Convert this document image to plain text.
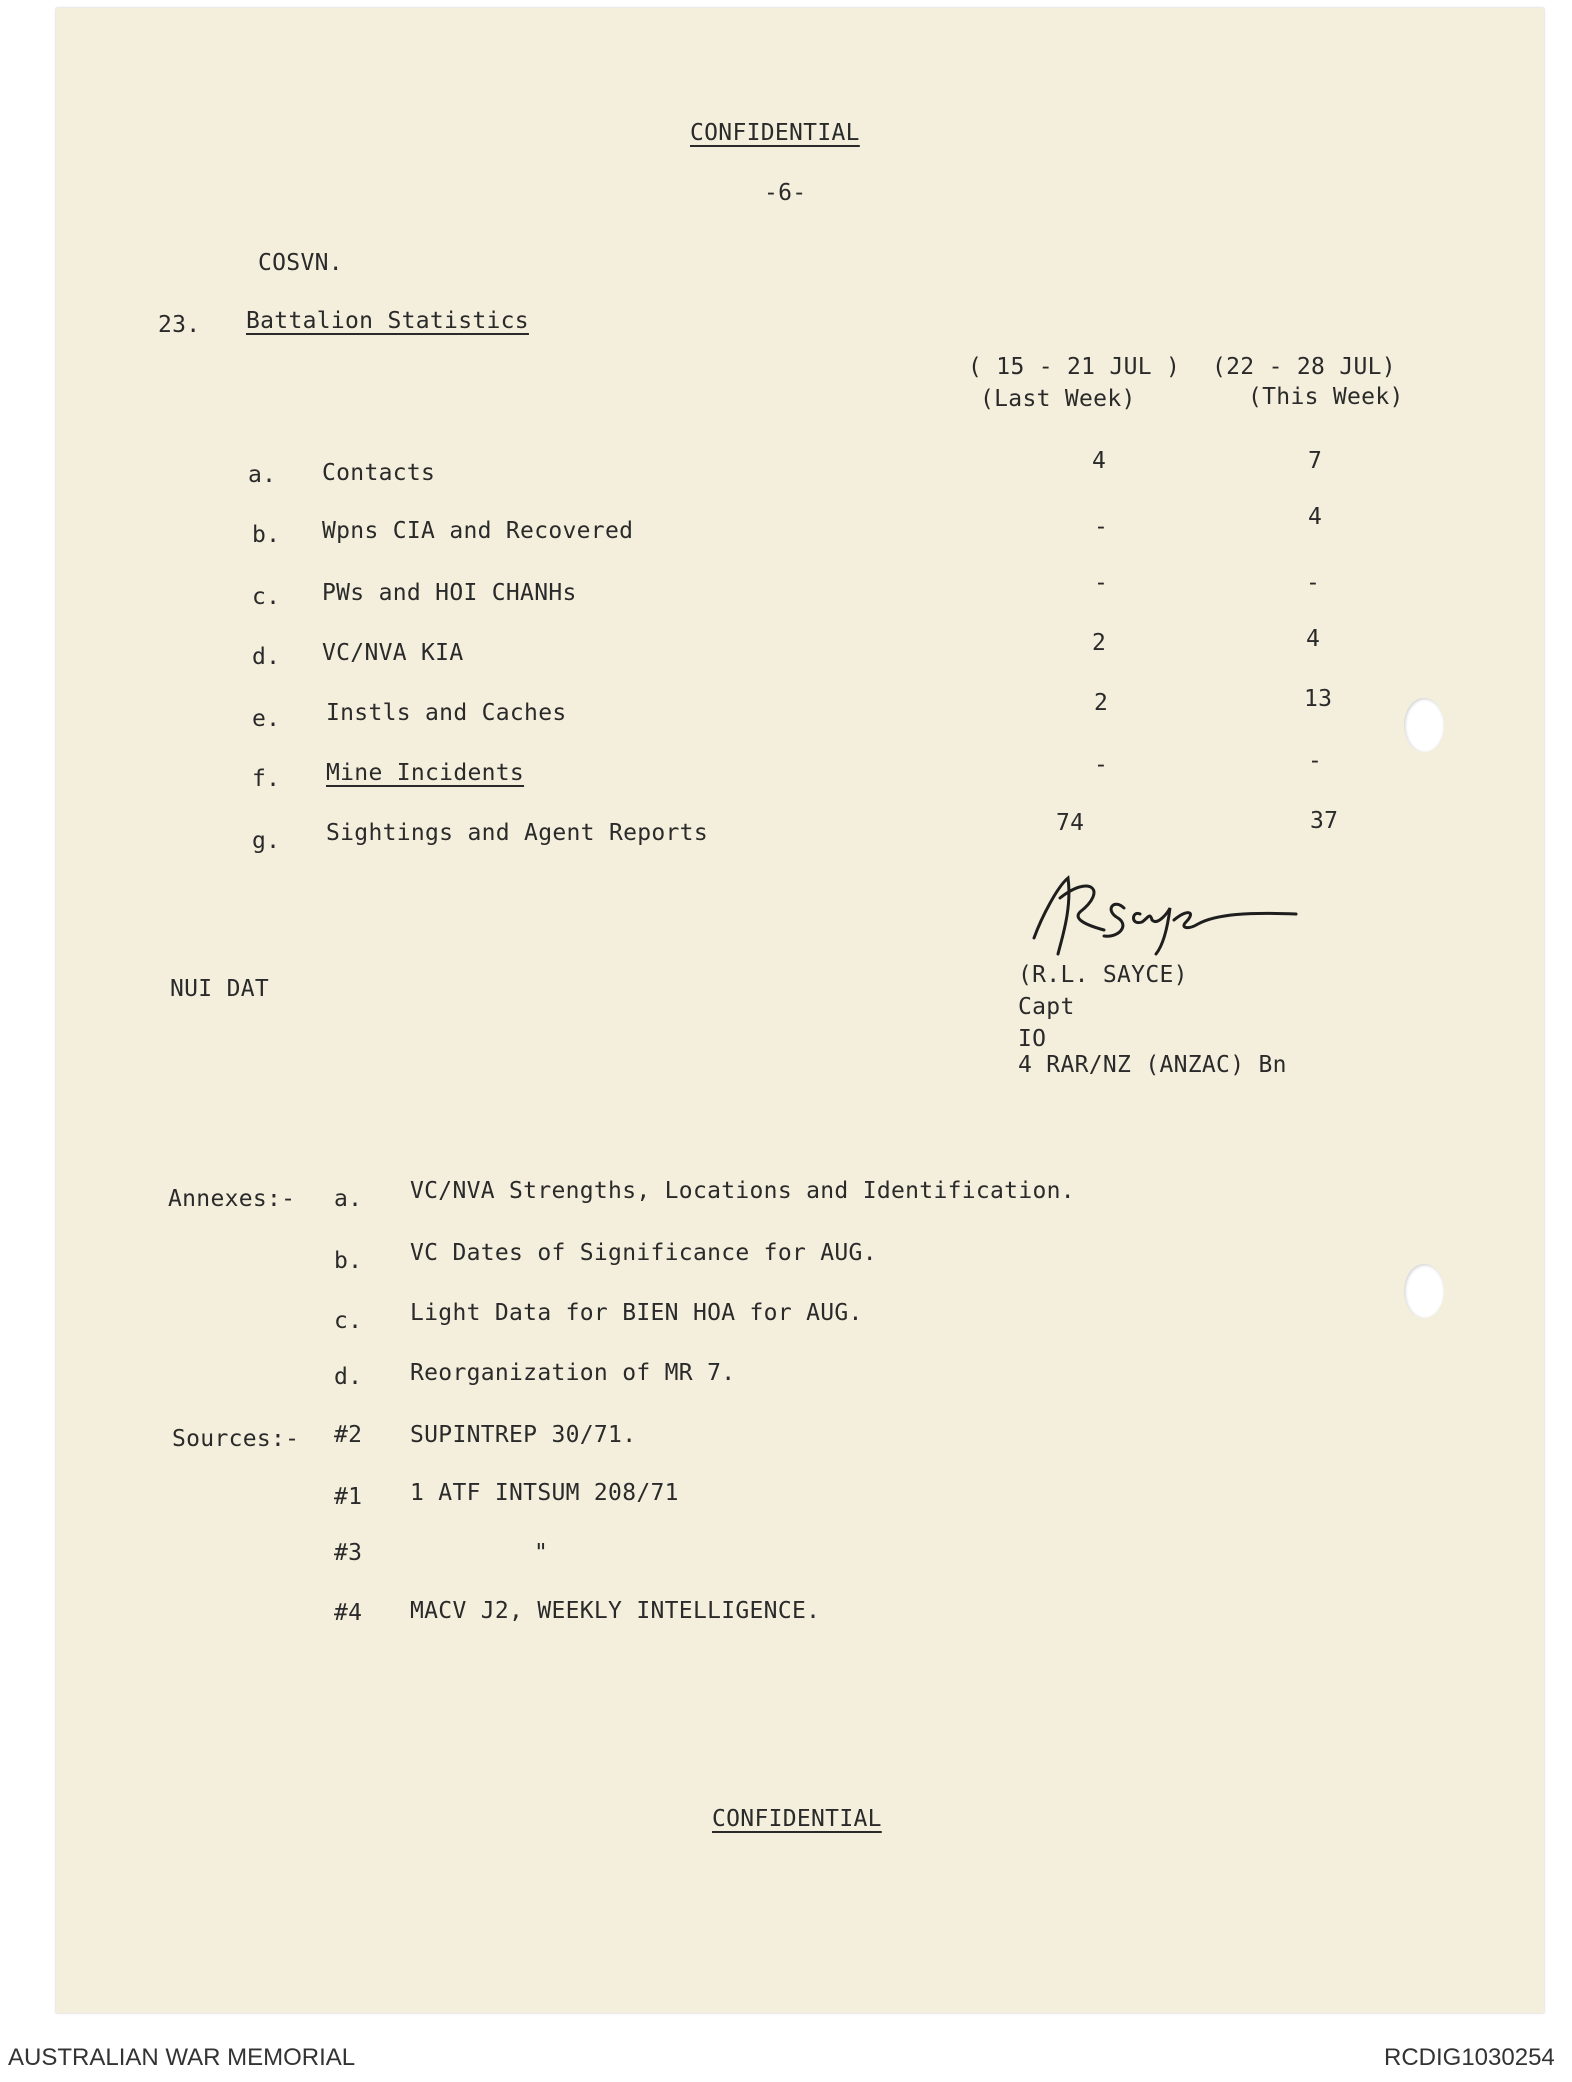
CONFIDENTIAL
-6-
COSVN.
23. Battalion Statistics
( 15 - 21 JUL )
(Last Week)
(22 - 28 JUL)
(This Week)
a. Contacts	4	7
b. Wpns CIA and Recovered	-	4
c. PWs and HOI CHANHs	-	-
d. VC/NVA KIA	2	4
e. Instls and Caches	2	13
f. Mine Incidents	-	-
g. Sightings and Agent Reports	74	37
NUI DAT
(R.L. SAYCE)
Capt
IO
4 RAR/NZ (ANZAC) Bn
Annexes:- a. VC/NVA Strengths, Locations and Identification.
b. VC Dates of Significance for AUG.
c. Light Data for BIEN HOA for AUG.
d. Reorganization of MR 7.
Sources:- #2 SUPINTREP 30/71.
#1 1 ATF INTSUM 208/71
#3	"
#4 MACV J2, WEEKLY INTELLIGENCE.
CONFIDENTIAL
AUSTRALIAN WAR MEMORIAL	RCDIG1030254
